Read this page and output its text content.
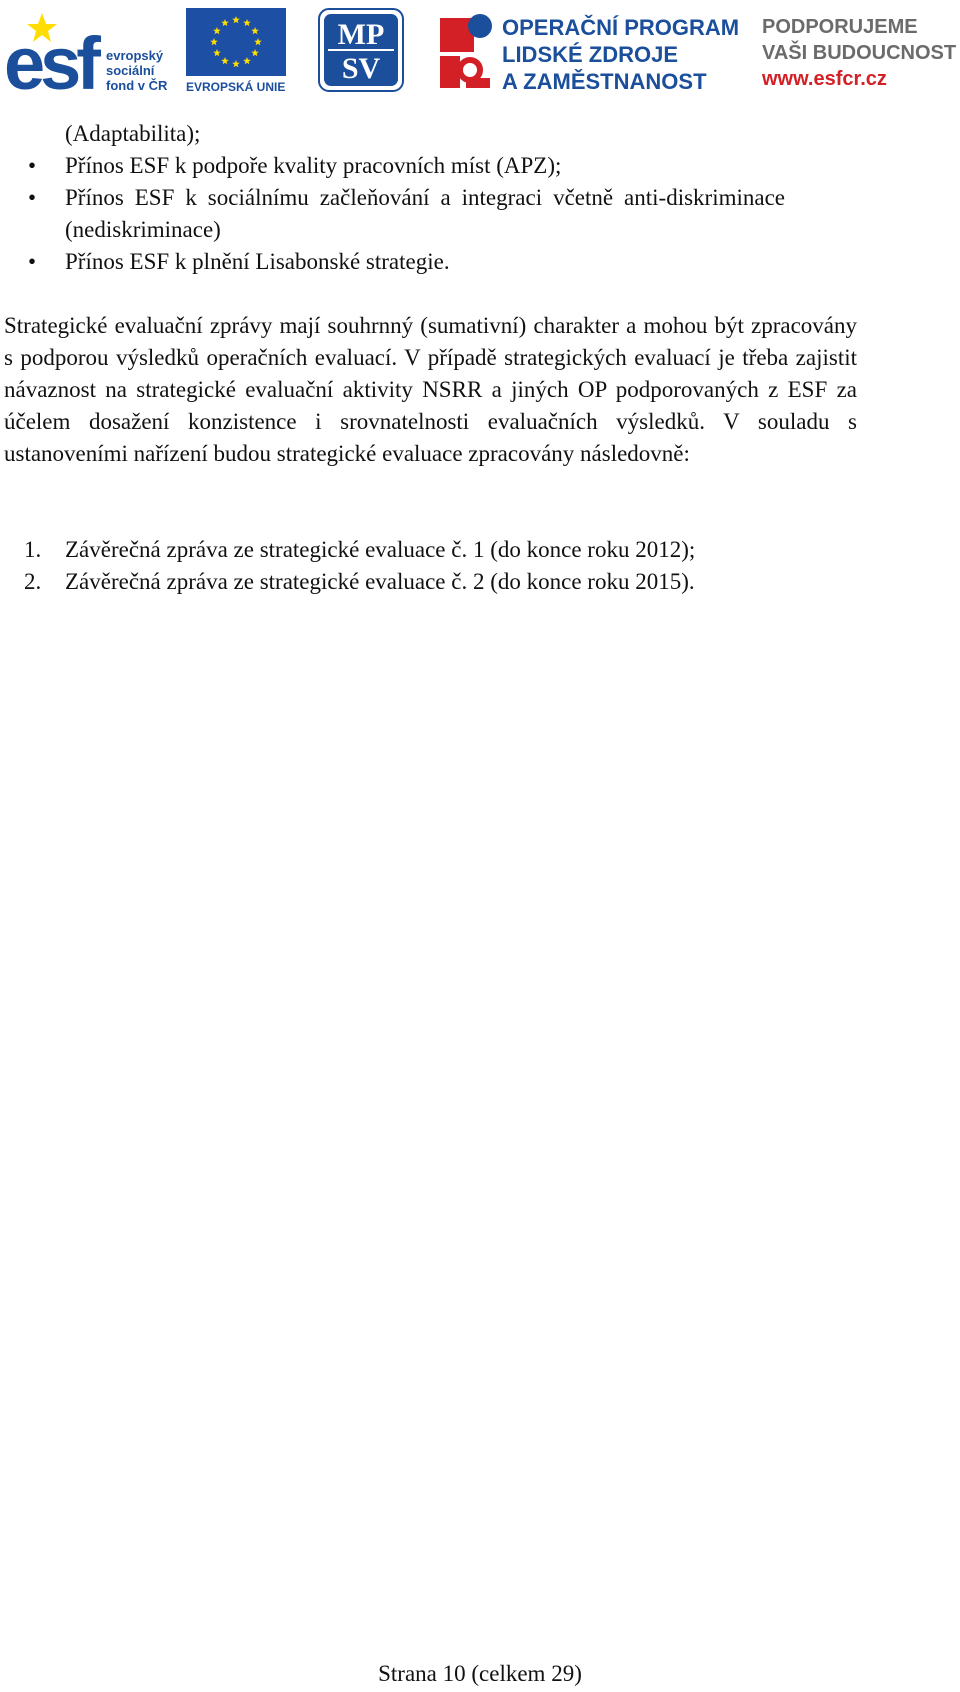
esf evropský
sociální
fond v ČR EVROPSKÁ UNIE
MP
SV
OPERAČNÍ PROGRAM
LIDSKÉ ZDROJE
A ZAMĚSTNANOST
PODPORUJEME
VAŠI BUDOUCNOST
www.esfcr.cz
(Adaptabilita);
• Přínos ESF k podpoře kvality pracovních míst (APZ);
• Přínos ESF k sociálnímu začleňování a integraci včetně anti-diskriminace (nediskriminace)
• Přínos ESF k plnění Lisabonské strategie.
Strategické evaluační zprávy mají souhrnný (sumativní) charakter a mohou být zpracovány s podporou výsledků operačních evaluací. V případě strategických evaluací je třeba zajistit návaznost na strategické evaluační aktivity NSRR a jiných OP podporovaných z ESF za účelem dosažení konzistence i srovnatelnosti evaluačních výsledků. V souladu s ustanoveními nařízení budou strategické evaluace zpracovány následovně:
1. Závěrečná zpráva ze strategické evaluace č. 1 (do konce roku 2012);
2. Závěrečná zpráva ze strategické evaluace č. 2 (do konce roku 2015).
Strana 10 (celkem 29)
